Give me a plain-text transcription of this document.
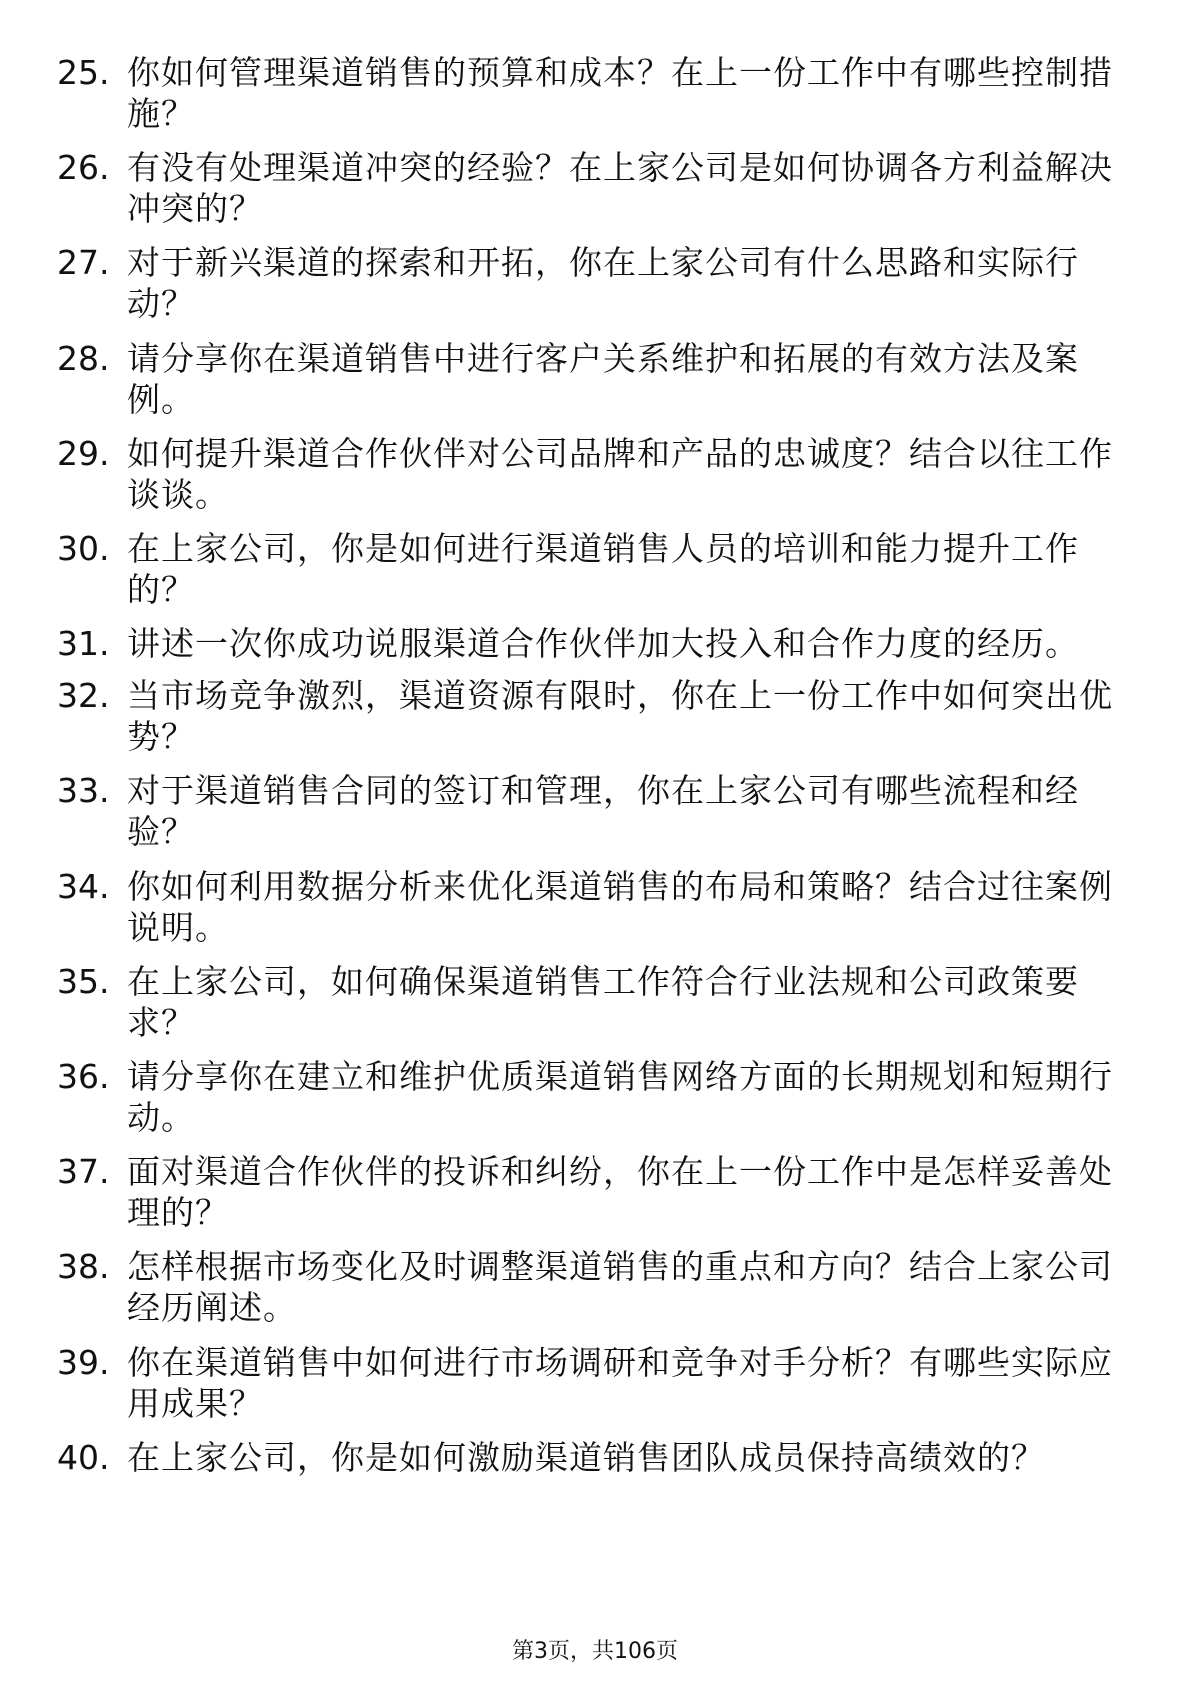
25. 你如何管理渠道销售的预算和成本？在上一份工作中有哪些控制措施？
26. 有没有处理渠道冲突的经验？在上家公司是如何协调各方利益解决冲突的？
27. 对于新兴渠道的探索和开拓，你在上家公司有什么思路和实际行动？
28. 请分享你在渠道销售中进行客户关系维护和拓展的有效方法及案例。
29. 如何提升渠道合作伙伴对公司品牌和产品的忠诚度？结合以往工作谈谈。
30. 在上家公司，你是如何进行渠道销售人员的培训和能力提升工作的？
31. 讲述一次你成功说服渠道合作伙伴加大投入和合作力度的经历。
32. 当市场竞争激烈，渠道资源有限时，你在上一份工作中如何突出优势？
33. 对于渠道销售合同的签订和管理，你在上家公司有哪些流程和经验？
34. 你如何利用数据分析来优化渠道销售的布局和策略？结合过往案例说明。
35. 在上家公司，如何确保渠道销售工作符合行业法规和公司政策要求？
36. 请分享你在建立和维护优质渠道销售网络方面的长期规划和短期行动。
37. 面对渠道合作伙伴的投诉和纠纷，你在上一份工作中是怎样妥善处理的？
38. 怎样根据市场变化及时调整渠道销售的重点和方向？结合上家公司经历阐述。
39. 你在渠道销售中如何进行市场调研和竞争对手分析？有哪些实际应用成果？
40. 在上家公司，你是如何激励渠道销售团队成员保持高绩效的？
第3页，共106页
